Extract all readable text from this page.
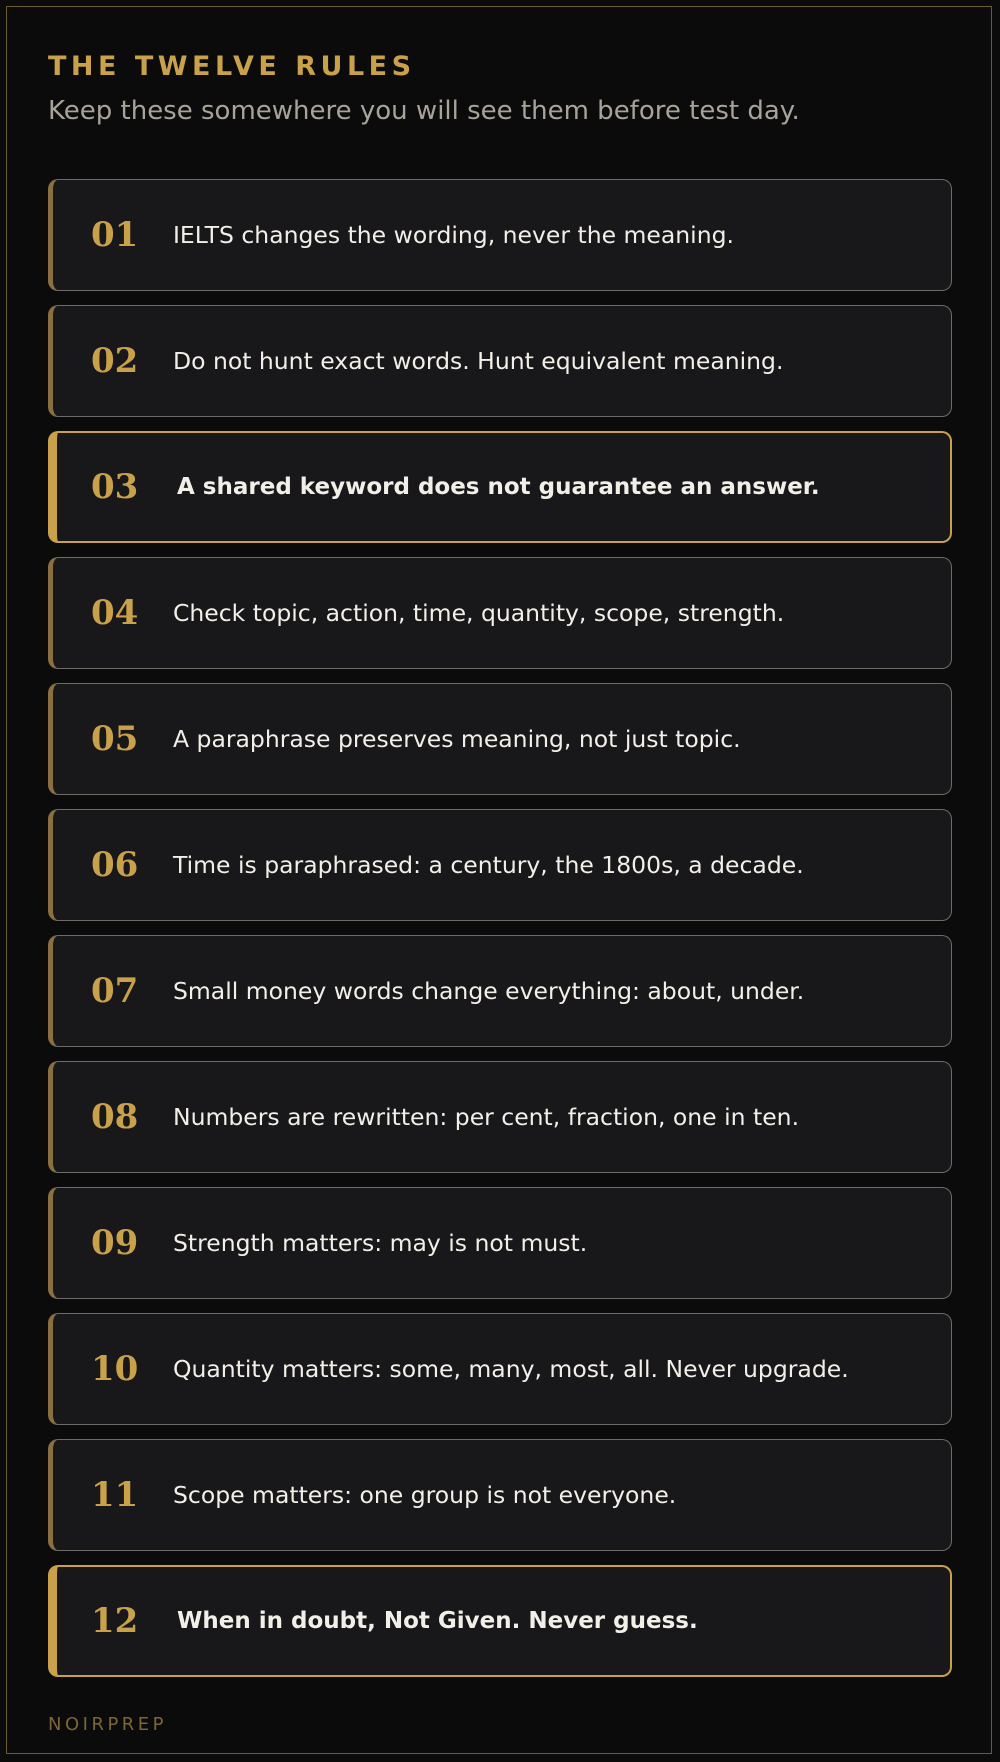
THE TWELVE RULES
Keep these somewhere you will see them before test day.
01	IELTS changes the wording, never the meaning.
02	Do not hunt exact words. Hunt equivalent meaning.
03	A shared keyword does not guarantee an answer.
04	Check topic, action, time, quantity, scope, strength.
05	A paraphrase preserves meaning, not just topic.
06	Time is paraphrased: a century, the 1800s, a decade.
07	Small money words change everything: about, under.
08	Numbers are rewritten: per cent, fraction, one in ten.
09	Strength matters: may is not must.
10	Quantity matters: some, many, most, all. Never upgrade.
11	Scope matters: one group is not everyone.
12	When in doubt, Not Given. Never guess.
NOIRPREP
